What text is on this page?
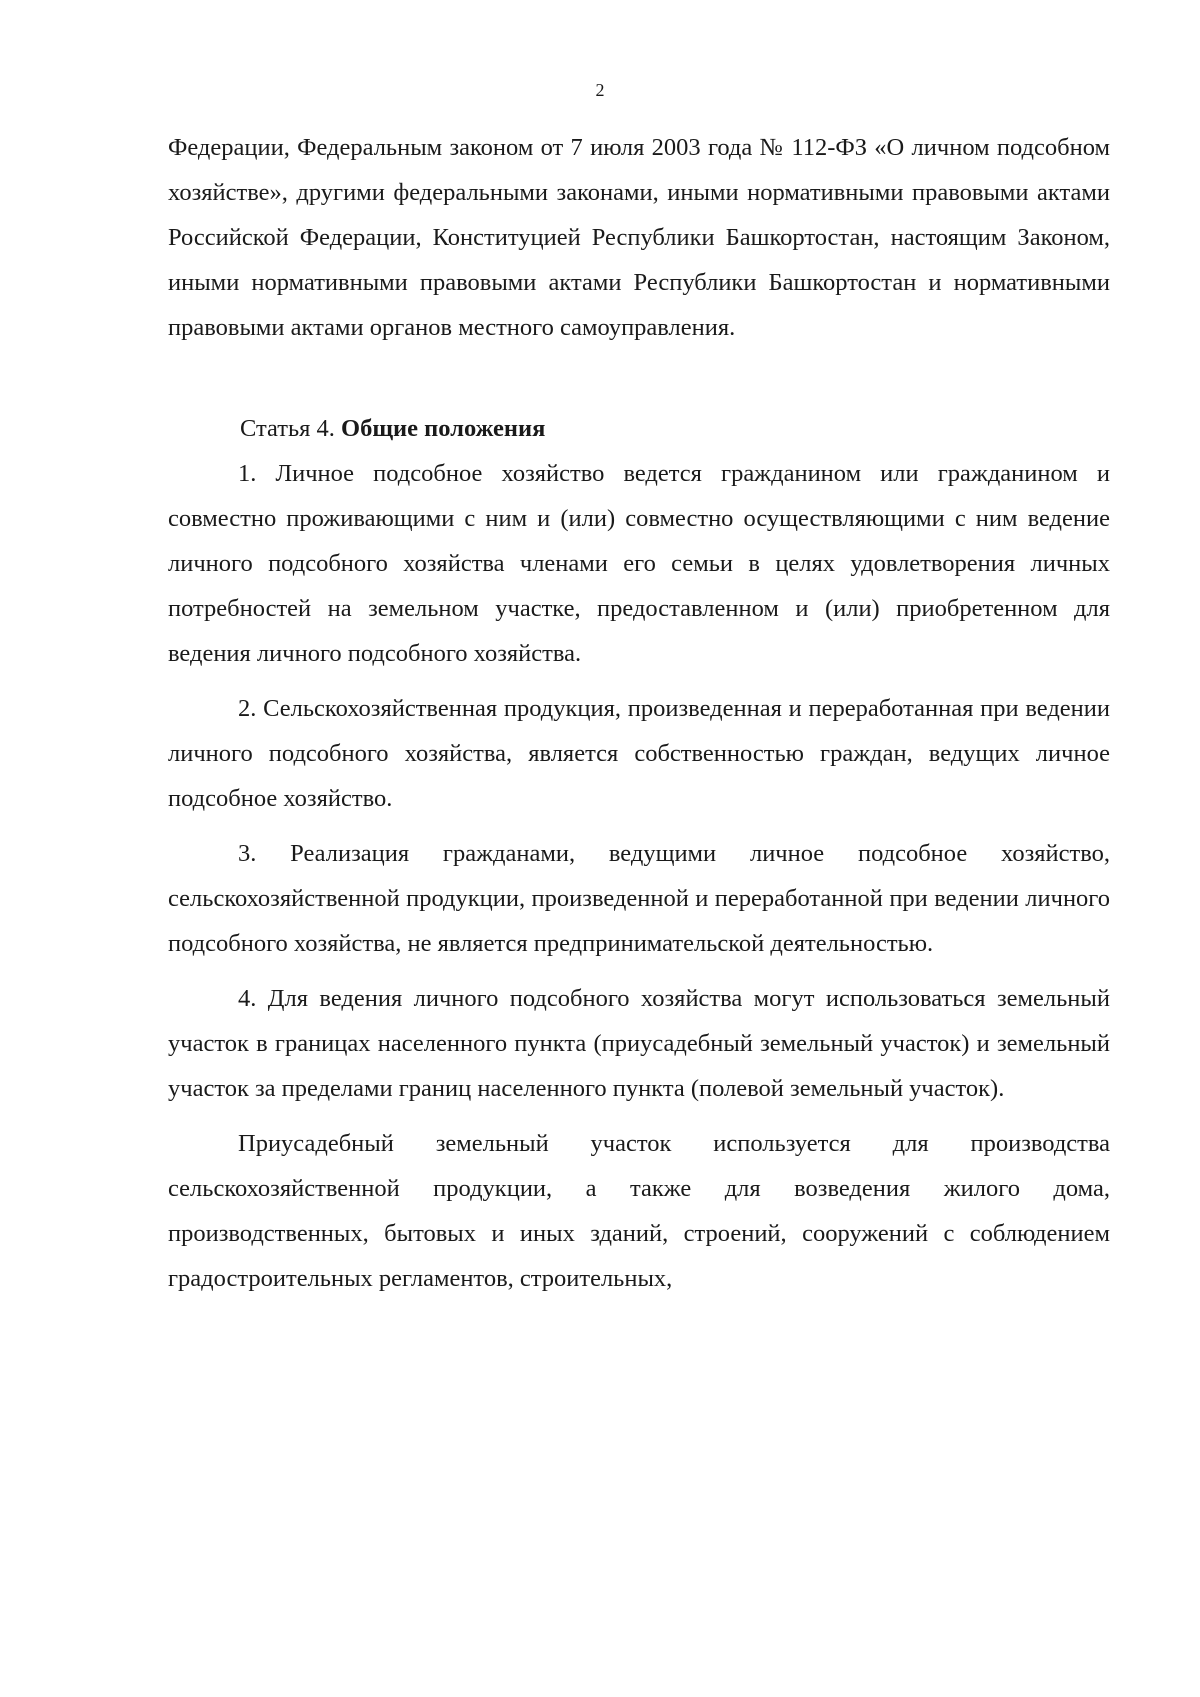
2

Федерации, Федеральным законом от 7 июля 2003 года № 112-ФЗ «О личном подсобном хозяйстве», другими федеральными законами, иными нормативными правовыми актами Российской Федерации, Конституцией Республики Башкортостан, настоящим Законом, иными нормативными правовыми актами Республики Башкортостан и нормативными правовыми актами органов местного самоуправления.

Статья 4. Общие положения

1. Личное подсобное хозяйство ведется гражданином или гражданином и совместно проживающими с ним и (или) совместно осуществляющими с ним ведение личного подсобного хозяйства членами его семьи в целях удовлетворения личных потребностей на земельном участке, предоставленном и (или) приобретенном для ведения личного подсобного хозяйства.

2. Сельскохозяйственная продукция, произведенная и переработанная при ведении личного подсобного хозяйства, является собственностью граждан, ведущих личное подсобное хозяйство.

3. Реализация гражданами, ведущими личное подсобное хозяйство, сельскохозяйственной продукции, произведенной и переработанной при ведении личного подсобного хозяйства, не является предпринимательской деятельностью.

4. Для ведения личного подсобного хозяйства могут использоваться земельный участок в границах населенного пункта (приусадебный земельный участок) и земельный участок за пределами границ населенного пункта (полевой земельный участок).

Приусадебный земельный участок используется для производства сельскохозяйственной продукции, а также для возведения жилого дома, производственных, бытовых и иных зданий, строений, сооружений с соблюдением градостроительных регламентов, строительных,
